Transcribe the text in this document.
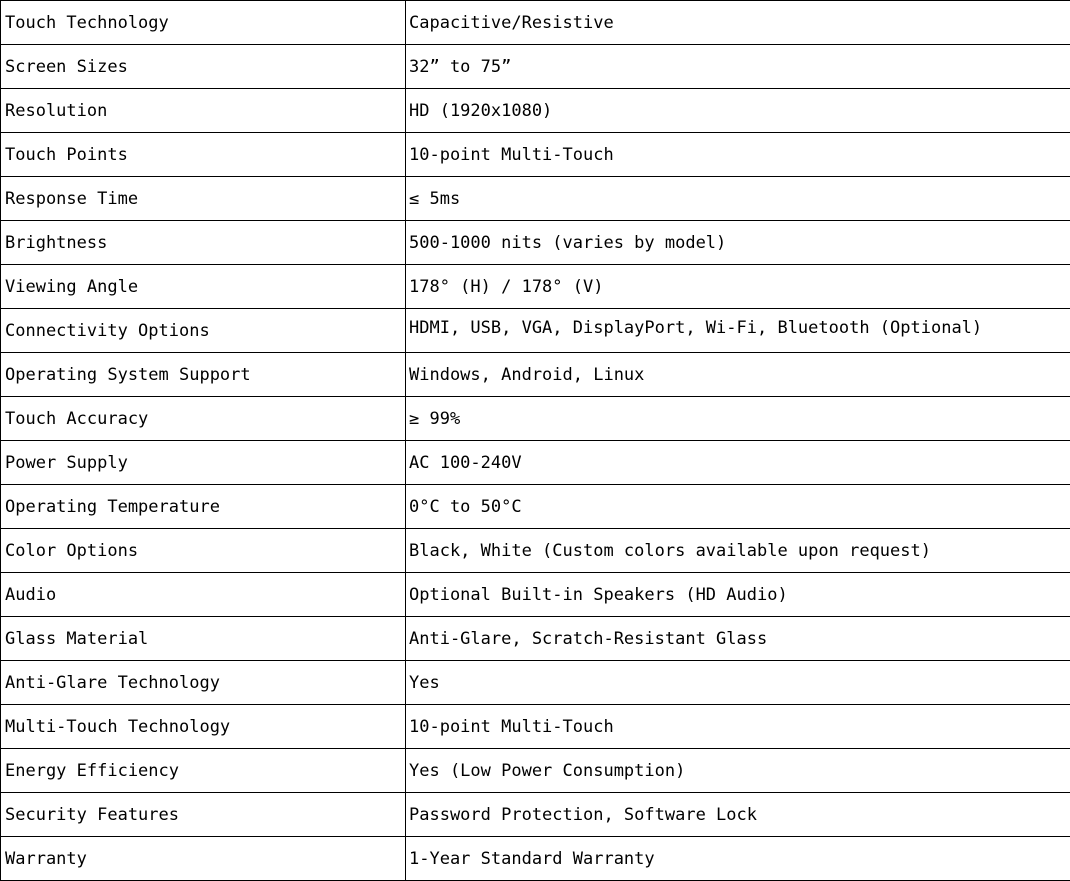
Touch Technology	Capacitive/Resistive
Screen Sizes	32” to 75”
Resolution	HD (1920x1080)
Touch Points	10-point Multi-Touch
Response Time	≤ 5ms
Brightness	500-1000 nits (varies by model)
Viewing Angle	178° (H) / 178° (V)
Connectivity Options	HDMI, USB, VGA, DisplayPort, Wi-Fi, Bluetooth (Optional)

Operating System Support	Windows, Android, Linux
Touch Accuracy	≥ 99%
Power Supply	AC 100-240V
Operating Temperature	0°C to 50°C
Color Options	Black, White (Custom colors available upon request)
Audio	Optional Built-in Speakers (HD Audio)
Glass Material	Anti-Glare, Scratch-Resistant Glass
Anti-Glare Technology	Yes
Multi-Touch Technology	10-point Multi-Touch
Energy Efficiency	Yes (Low Power Consumption)
Security Features	Password Protection, Software Lock
Warranty	1-Year Standard Warranty
